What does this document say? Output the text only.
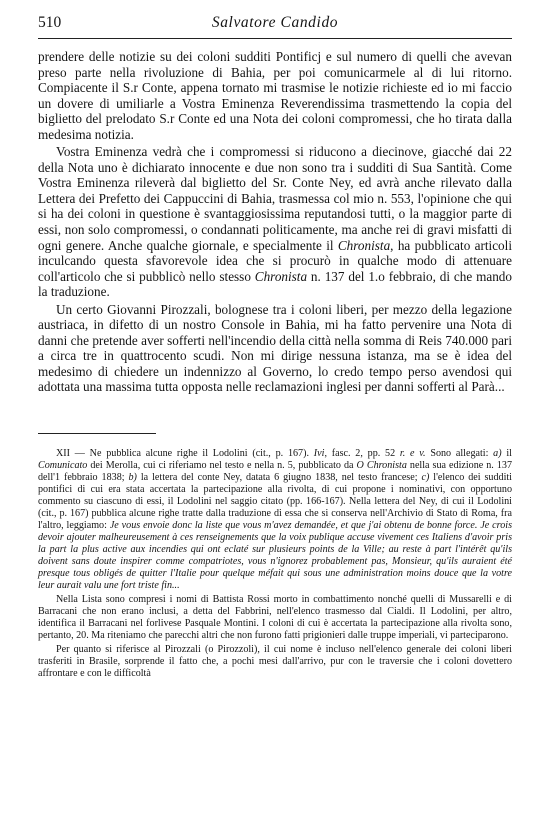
510	Salvatore Candido

prendere delle notizie su dei coloni sudditi Pontificj e sul numero di quelli che avevan preso parte nella rivoluzione di Bahia, per poi comunicarmele al di lui ritorno. Compiacente il S.r Conte, appena tornato mi trasmise le notizie richieste ed io mi faccio un dovere di umiliarle a Vostra Eminenza Reverendissima trasmettendo la copia del biglietto del prelodato S.r Conte ed una Nota dei coloni compromessi, che ho tirata dalla medesima notizia.

Vostra Eminenza vedrà che i compromessi si riducono a diecinove, giacché dai 22 della Nota uno è dichiarato innocente e due non sono tra i sudditi di Sua Santità. Come Vostra Eminenza rileverà dal biglietto del Sr. Conte Ney, ed avrà anche rilevato dalla Lettera dei Prefetto dei Cappuccini di Bahia, trasmessa col mio n. 553, l'opinione che qui si ha dei coloni in questione è svantaggiosissima reputandosi tutti, o la maggior parte di essi, non solo compromessi, o condannati politicamente, ma anche rei di gravi misfatti di ogni genere. Anche qualche giornale, e specialmente il Chronista, ha pubblicato articoli inculcando questa sfavorevole idea che si procurò in qualche modo di attenuare coll'articolo che si pubblicò nello stesso Chronista n. 137 del 1.o febbraio, di che mando la traduzione.

Un certo Giovanni Pirozzali, bolognese tra i coloni liberi, per mezzo della legazione austriaca, in difetto di un nostro Console in Bahia, mi ha fatto pervenire una Nota di danni che pretende aver sofferti nell'incendio della città nella somma di Reis 740.000 pari a circa tre in quattrocento scudi. Non mi dirige nessuna istanza, ma se è idea del medesimo di chiedere un indennizzo al Governo, lo credo tempo perso avendosi qui adottata una massima tutta opposta nelle reclamazioni inglesi per danni sofferti al Parà...

XII — Ne pubblica alcune righe il Lodolini (cit., p. 167). Ivi, fasc. 2, pp. 52 r. e v. Sono allegati: a) il Comunicato dei Merolla, cui ci riferiamo nel testo e nella n. 5, pubblicato da O Chronista nella sua edizione n. 137 dell'1 febbraio 1838; b) la lettera del conte Ney, datata 6 giugno 1838, nel testo francese; c) l'elenco dei sudditi pontifici di cui era stata accertata la partecipazione alla rivolta, di cui propone i nominativi, con opportuno commento su ciascuno di essi, il Lodolini nel saggio citato (pp. 166-167). Nella lettera del Ney, di cui il Lodolini (cit., p. 167) pubblica alcune righe tratte dalla traduzione di essa che si conserva nell'Archivio di Stato di Roma, fra l'altro, leggiamo: Je vous envoie donc la liste que vous m'avez demandée, et que j'ai obtenu de bonne force. Je crois devoir ajouter malheureusement à ces renseignements que la voix publique accuse vivement ces Italiens d'avoir pris la part la plus active aux incendies qui ont eclaté sur plusieurs points de la Ville; au reste à part l'intérêt qu'ils doivent sans doute inspirer comme compatriotes, vous n'ignorez probablement pas, Monsieur, qu'ils auraient été presque tous obligés de quitter l'Italie pour quelque méfait qui sous une administration moins douce que la votre leur aurait valu une fort triste fin...

Nella Lista sono compresi i nomi di Battista Rossi morto in combattimento nonché quelli di Mussarelli e di Barracani che non erano inclusi, a detta del Fabbrini, nell'elenco trasmesso dal Cialdi. Il Lodolini, per altro, identifica il Barracani nel forlivese Pasquale Montini. I coloni di cui è accertata la partecipazione alla rivolta sono, pertanto, 20. Ma riteniamo che parecchi altri che non furono fatti prigionieri dalle truppe imperiali, vi parteciparono.

Per quanto si riferisce al Pirozzali (o Pirozzoli), il cui nome è incluso nell'elenco generale dei coloni liberi trasferiti in Brasile, sorprende il fatto che, a pochi mesi dall'arrivo, pur con le traversie che i coloni dovettero affrontare e con le difficoltà
